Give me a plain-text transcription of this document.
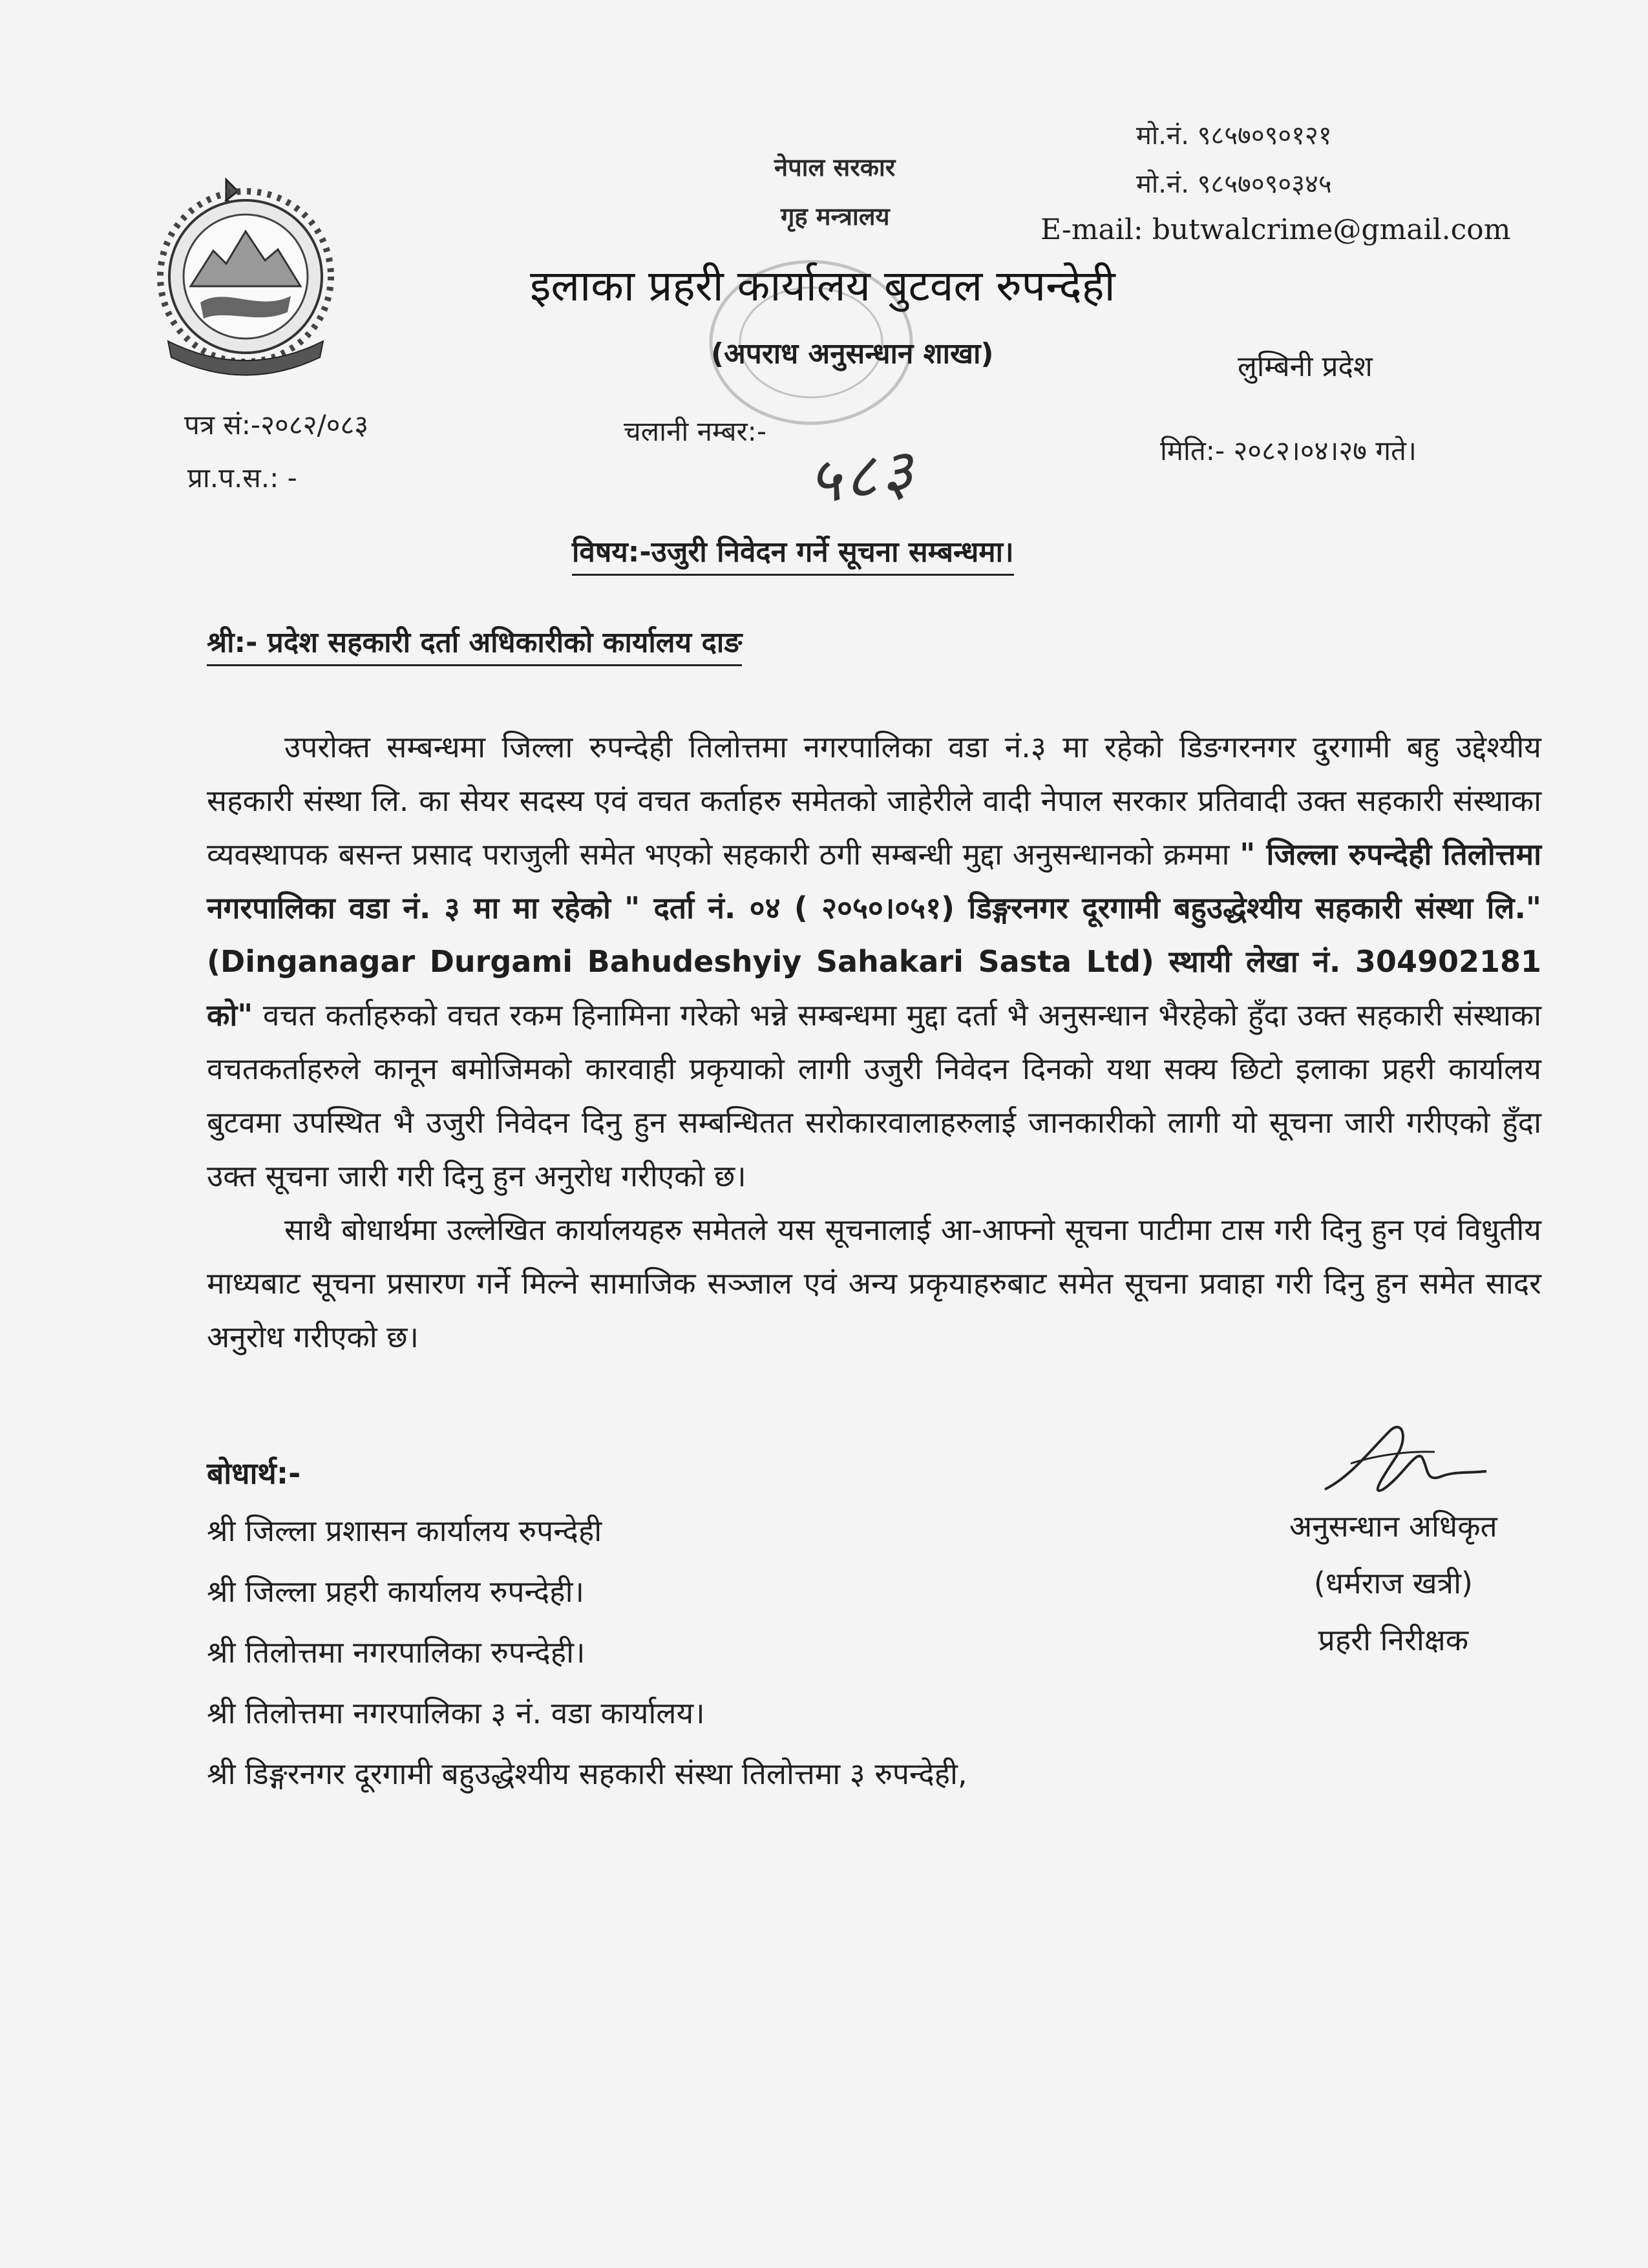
नेपाल सरकार
गृह मन्त्रालय
मो.नं. ९८५७०९०१२१
मो.नं. ९८५७०९०३४५
E-mail: butwalcrime@gmail.com
इलाका प्रहरी कार्यालय बुटवल रुपन्देही
(अपराध अनुसन्धान शाखा)	लुम्बिनी प्रदेश
पत्र सं:-२०८२/०८३
प्रा.प.स.: -
चलानी नम्बर:-
५८३	मिति:- २०८२।०४।२७ गते।
विषय:-उजुरी निवेदन गर्ने सूचना सम्बन्धमा।
श्री:- प्रदेश सहकारी दर्ता अधिकारीको कार्यालय दाङ

उपरोक्त सम्बन्धमा जिल्ला रुपन्देही तिलोत्तमा नगरपालिका वडा नं.३ मा रहेको डिङगरनगर दुरगामी बहु उद्देश्यीय सहकारी संस्था लि. का सेयर सदस्य एवं वचत कर्ताहरु समेतको जाहेरीले वादी नेपाल सरकार प्रतिवादी उक्त सहकारी संस्थाका व्यवस्थापक बसन्त प्रसाद पराजुली समेत भएको सहकारी ठगी सम्बन्धी मुद्दा अनुसन्धानको क्रममा " जिल्ला रुपन्देही तिलोत्तमा नगरपालिका वडा नं. ३ मा मा रहेको " दर्ता नं. ०४ ( २०५०।०५१) डिङ्गरनगर दूरगामी बहुउद्धेश्यीय सहकारी संस्था लि." (Dinganagar Durgami Bahudeshyiy Sahakari Sasta Ltd) स्थायी लेखा नं. 304902181 को" वचत कर्ताहरुको वचत रकम हिनामिना गरेको भन्ने सम्बन्धमा मुद्दा दर्ता भै अनुसन्धान भैरहेको हुँदा उक्त सहकारी संस्थाका वचतकर्ताहरुले कानून बमोजिमको कारवाही प्रकृयाको लागी उजुरी निवेदन दिनको यथा सक्य छिटो इलाका प्रहरी कार्यालय बुटवमा उपस्थित भै उजुरी निवेदन दिनु हुन सम्बन्धितत सरोकारवालाहरुलाई जानकारीको लागी यो सूचना जारी गरीएको हुँदा उक्त सूचना जारी गरी दिनु हुन अनुरोध गरीएको छ।

साथै बोधार्थमा उल्लेखित कार्यालयहरु समेतले यस सूचनालाई आ-आफ्नो सूचना पाटीमा टास गरी दिनु हुन एवं विधुतीय माध्यबाट सूचना प्रसारण गर्ने मिल्ने सामाजिक सञ्जाल एवं अन्य प्रकृयाहरुबाट समेत सूचना प्रवाहा गरी दिनु हुन समेत सादर अनुरोध गरीएको छ।

बोधार्थ:-
श्री जिल्ला प्रशासन कार्यालय रुपन्देही
श्री जिल्ला प्रहरी कार्यालय रुपन्देही।
श्री तिलोत्तमा नगरपालिका रुपन्देही।
श्री तिलोत्तमा नगरपालिका ३ नं. वडा कार्यालय।
श्री डिङ्गरनगर दूरगामी बहुउद्धेश्यीय सहकारी संस्था तिलोत्तमा ३ रुपन्देही,
अनुसन्धान अधिकृत
(धर्मराज खत्री)
प्रहरी निरीक्षक
